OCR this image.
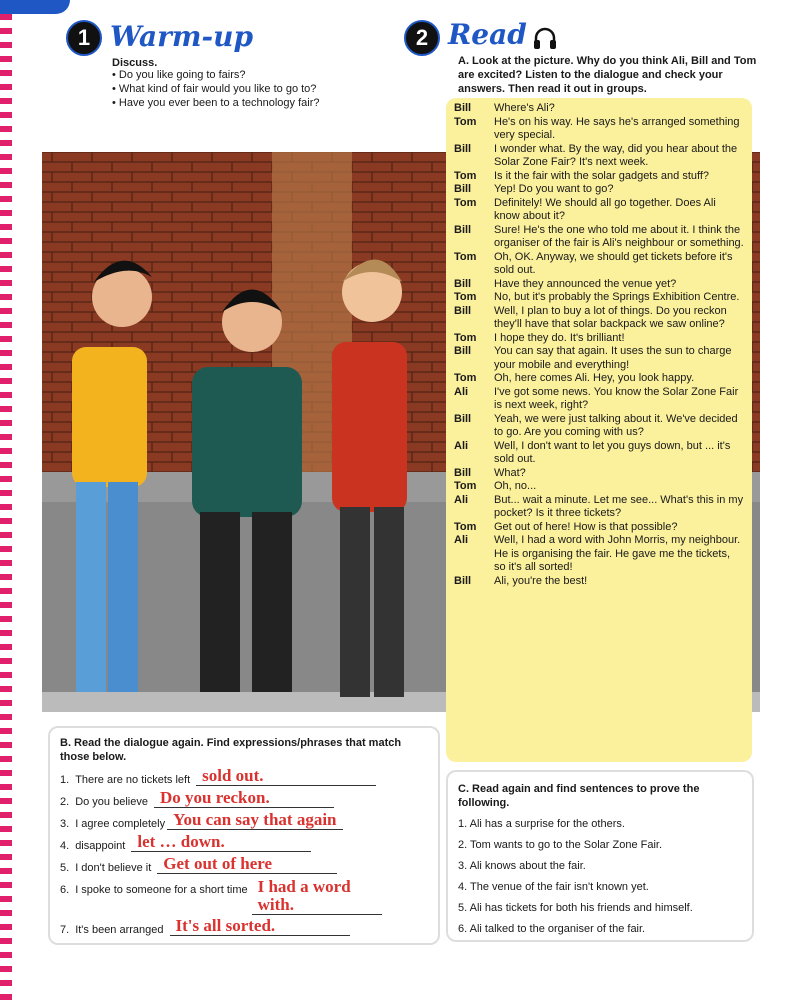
1 Warm-up
Discuss.
• Do you like going to fairs?
• What kind of fair would you like to go to?
• Have you ever been to a technology fair?
2 Read
A. Look at the picture. Why do you think Ali, Bill and Tom are excited? Listen to the dialogue and check your answers. Then read it out in groups.
Bill	Where's Ali?
Tom	He's on his way. He says he's arranged something very special.
Bill	I wonder what. By the way, did you hear about the Solar Zone Fair? It's next week.
Tom	Is it the fair with the solar gadgets and stuff?
Bill	Yep! Do you want to go?
Tom	Definitely! We should all go together. Does Ali know about it?
Bill	Sure! He's the one who told me about it. I think the organiser of the fair is Ali's neighbour or something.
Tom	Oh, OK. Anyway, we should get tickets before it's sold out.
Bill	Have they announced the venue yet?
Tom	No, but it's probably the Springs Exhibition Centre.
Bill	Well, I plan to buy a lot of things. Do you reckon they'll have that solar backpack we saw online?
Tom	I hope they do. It's brilliant!
Bill	You can say that again. It uses the sun to charge your mobile and everything!
Tom	Oh, here comes Ali. Hey, you look happy.
Ali	I've got some news. You know the Solar Zone Fair is next week, right?
Bill	Yeah, we were just talking about it. We've decided to go. Are you coming with us?
Ali	Well, I don't want to let you guys down, but ... it's sold out.
Bill	What?
Tom	Oh, no...
Ali	But... wait a minute. Let me see... What's this in my pocket? Is it three tickets?
Tom	Get out of here! How is that possible?
Ali	Well, I had a word with John Morris, my neighbour. He is organising the fair. He gave me the tickets, so it's all sorted!
Bill	Ali, you're the best!
B. Read the dialogue again. Find expressions/phrases that match those below.
1. There are no tickets left sold out.
2. Do you believe Do you reckon.
3. I agree completely You can say that again
4. disappoint let … down.
5. I don't believe it Get out of here
6. I spoke to someone for a short time I had a word with.
7. It's been arranged It's all sorted.
C. Read again and find sentences to prove the following.
1. Ali has a surprise for the others.
2. Tom wants to go to the Solar Zone Fair.
3. Ali knows about the fair.
4. The venue of the fair isn't known yet.
5. Ali has tickets for both his friends and himself.
6. Ali talked to the organiser of the fair.
